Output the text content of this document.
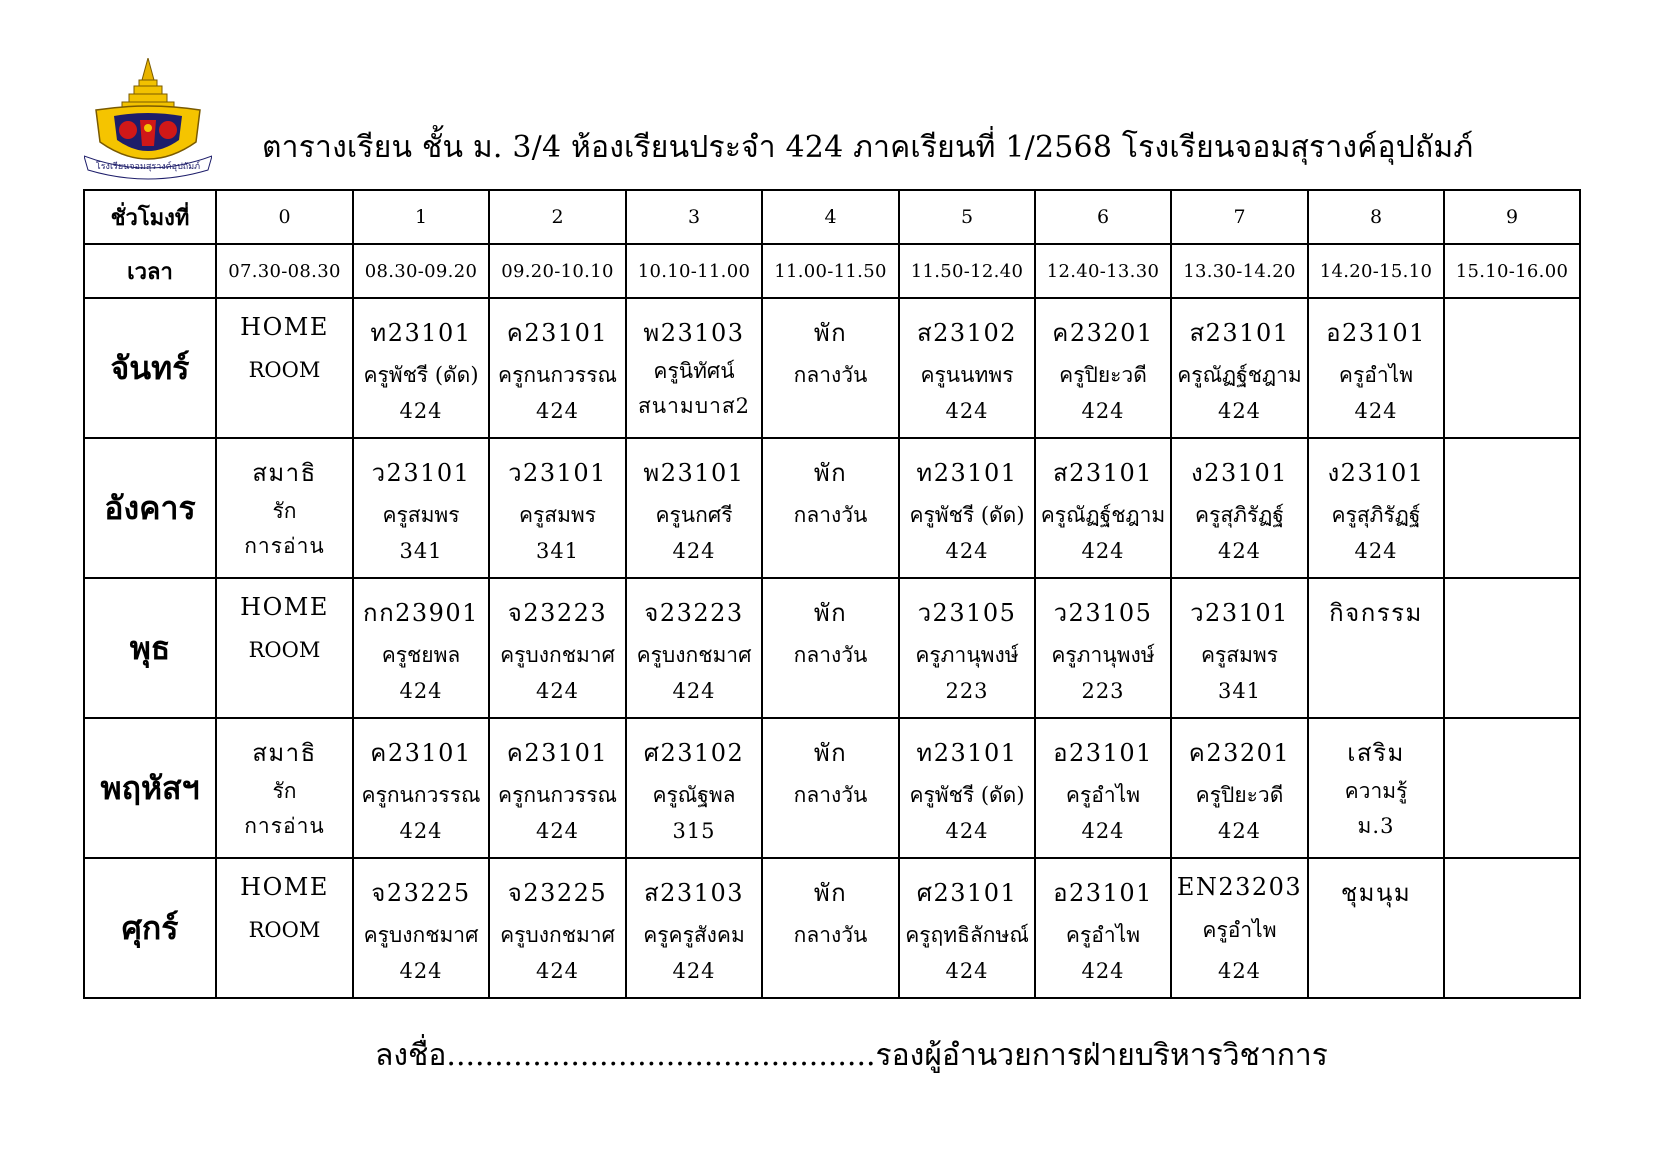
โรงเรียนจอมสุรางค์อุปถัมภ์
ตารางเรียน ชั้น ม. 3/4 ห้องเรียนประจำ 424 ภาคเรียนที่ 1/2568 โรงเรียนจอมสุรางค์อุปถัมภ์
ชั่วโมงที่	0	1	2	3	4	5	6	7	8	9
เวลา	07.30-08.30	08.30-09.20	09.20-10.10	10.10-11.00	11.00-11.50	11.50-12.40	12.40-13.30	13.30-14.20	14.20-15.10	15.10-16.00
จันทร์	HOME
ROOM	ท23101
ครูพัชรี (ดัด)
424	ค23101
ครูกนกวรรณ
424	พ23103
ครูนิทัศน์
สนามบาส2	พัก
กลางวัน	ส23102
ครูนนทพร
424	ค23201
ครูปิยะวดี
424	ส23101
ครูณัฏฐ์ชฎาม
424	อ23101
ครูอำไพ
424

อังคาร	สมาธิ
รัก
การอ่าน	ว23101
ครูสมพร
341	ว23101
ครูสมพร
341	พ23101
ครูนกศรี
424	พัก
กลางวัน	ท23101
ครูพัชรี (ดัด)
424	ส23101
ครูณัฏฐ์ชฎาม
424	ง23101
ครูสุภิรัฏฐ์
424	ง23101
ครูสุภิรัฏฐ์
424

พุธ	HOME
ROOM	กก23901
ครูชยพล
424	จ23223
ครูบงกชมาศ
424	จ23223
ครูบงกชมาศ
424	พัก
กลางวัน	ว23105
ครูภานุพงษ์
223	ว23105
ครูภานุพงษ์
223	ว23101
ครูสมพร
341	กิจกรรม

พฤหัสฯ	สมาธิ
รัก
การอ่าน	ค23101
ครูกนกวรรณ
424	ค23101
ครูกนกวรรณ
424	ศ23102
ครูณัฐพล
315	พัก
กลางวัน	ท23101
ครูพัชรี (ดัด)
424	อ23101
ครูอำไพ
424	ค23201
ครูปิยะวดี
424	เสริม
ความรู้
ม.3

ศุกร์	HOME
ROOM	จ23225
ครูบงกชมาศ
424	จ23225
ครูบงกชมาศ
424	ส23103
ครูครูสังคม
424	พัก
กลางวัน	ศ23101
ครูฤทธิลักษณ์
424	อ23101
ครูอำไพ
424	EN23203
ครูอำไพ
424	ชุมนุม

ลงชื่อ.............................................รองผู้อำนวยการฝ่ายบริหารวิชาการ
